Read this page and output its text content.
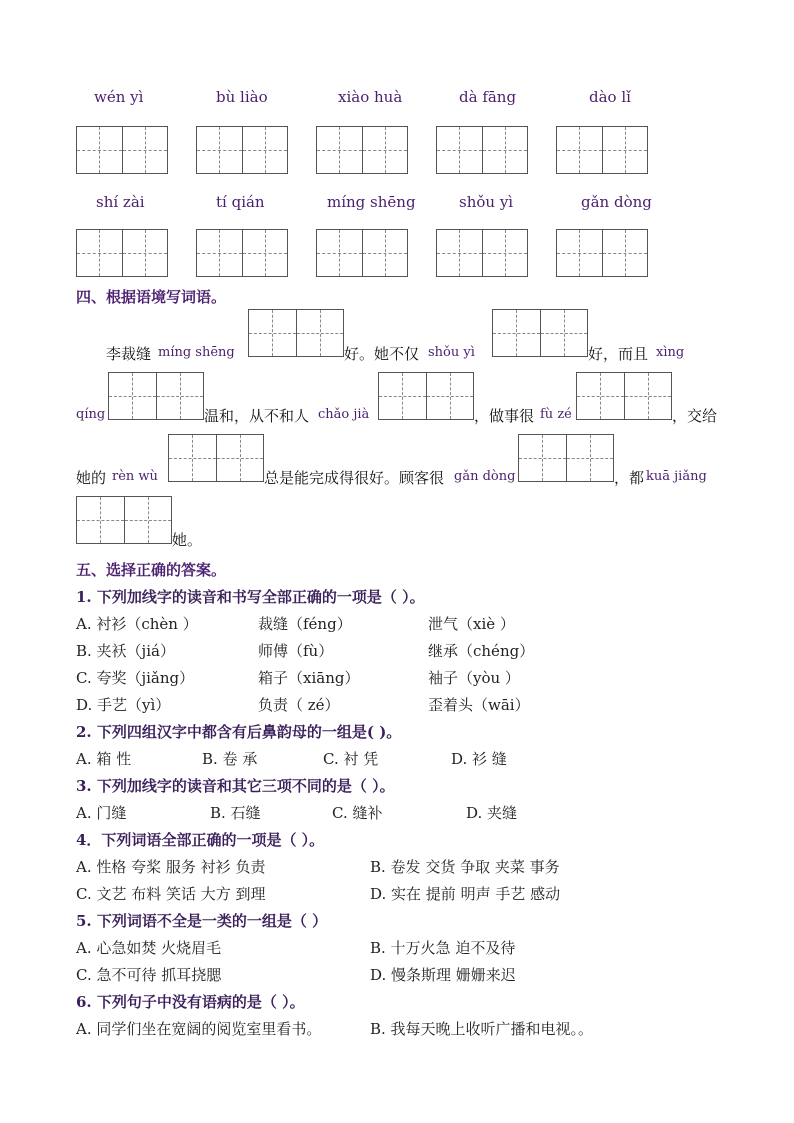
wén yì	bù liào	xiào huà	dà fāng	dào lǐ
shí zài	tí qián	míng shēng	shǒu yì	gǎn dòng
四、根据语境写词语。
李裁缝 míng shēng	好。她不仅 shǒu yì	好，而且 xìng
qíng	温和，从不和人 chǎo jià	，做事很 fù zé	，交给
她的 rèn wù	总是能完成得很好。顾客很 gǎn dòng	，都 kuā jiǎng
她。
五、选择正确的答案。
1. 下列加线字的读音和书写全部正确的一项是（ ）。
A. 衬衫（chèn ）	裁缝（féng）	泄气（xiè ）
B. 夹袄（jiá）	师傅（fù）	继承（chéng）
C. 夸奖（jiǎng）	箱子（xiāng）	袖子（yòu ）
D. 手艺（yì）	负责（ zé）	歪着头（wāi）
2. 下列四组汉字中都含有后鼻韵母的一组是( )。
A. 箱 性	B. 卷 承	C. 衬 凭	D. 衫 缝
3. 下列加线字的读音和其它三项不同的是（ ）。
A. 门缝	B. 石缝	C. 缝补	D. 夹缝
4．下列词语全部正确的一项是（ ）。
A. 性格 夸桨 服务 衬衫 负责	B. 卷发 交货 争取 夹菜 事务
C. 文艺 布料 笑话 大方 到理	D. 实在 提前 明声 手艺 感动
5. 下列词语不全是一类的一组是（ ）
A. 心急如焚 火烧眉毛	B. 十万火急 迫不及待
C. 急不可待 抓耳挠腮	D. 慢条斯理 姗姗来迟
6. 下列句子中没有语病的是（ ）。
A. 同学们坐在宽阔的阅览室里看书。	B. 我每天晚上收听广播和电视。。
